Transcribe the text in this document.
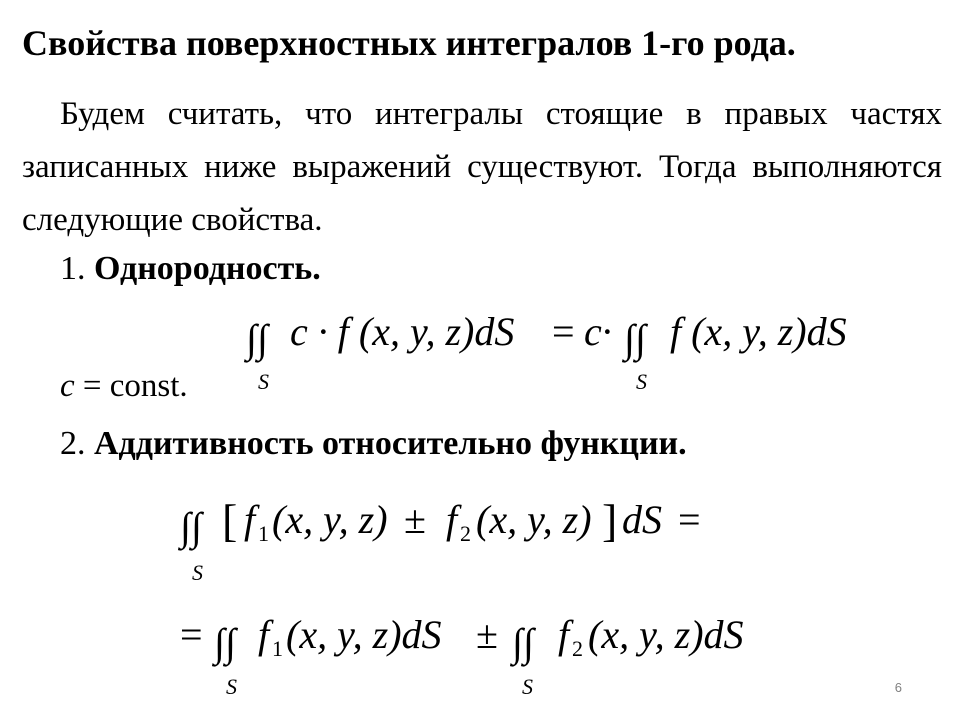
Свойства поверхностных интегралов 1-го рода.
Будем считать, что интегралы стоящие в правых частях записанных ниже выражений существуют. Тогда выполняются следующие свойства.
1. Однородность.
∫∫
S
c · f (x, y, z)dS = c· ∫∫
S
f (x, y, z)dS
c = const.
2. Аддитивность относительно функции.
∫∫
S
[ f 1 (x, y, z) ± f 2 (x, y, z) ] dS =
= ∫∫
S
f 1 (x, y, z)dS ± ∫∫
S
f 2 (x, y, z)dS
6
